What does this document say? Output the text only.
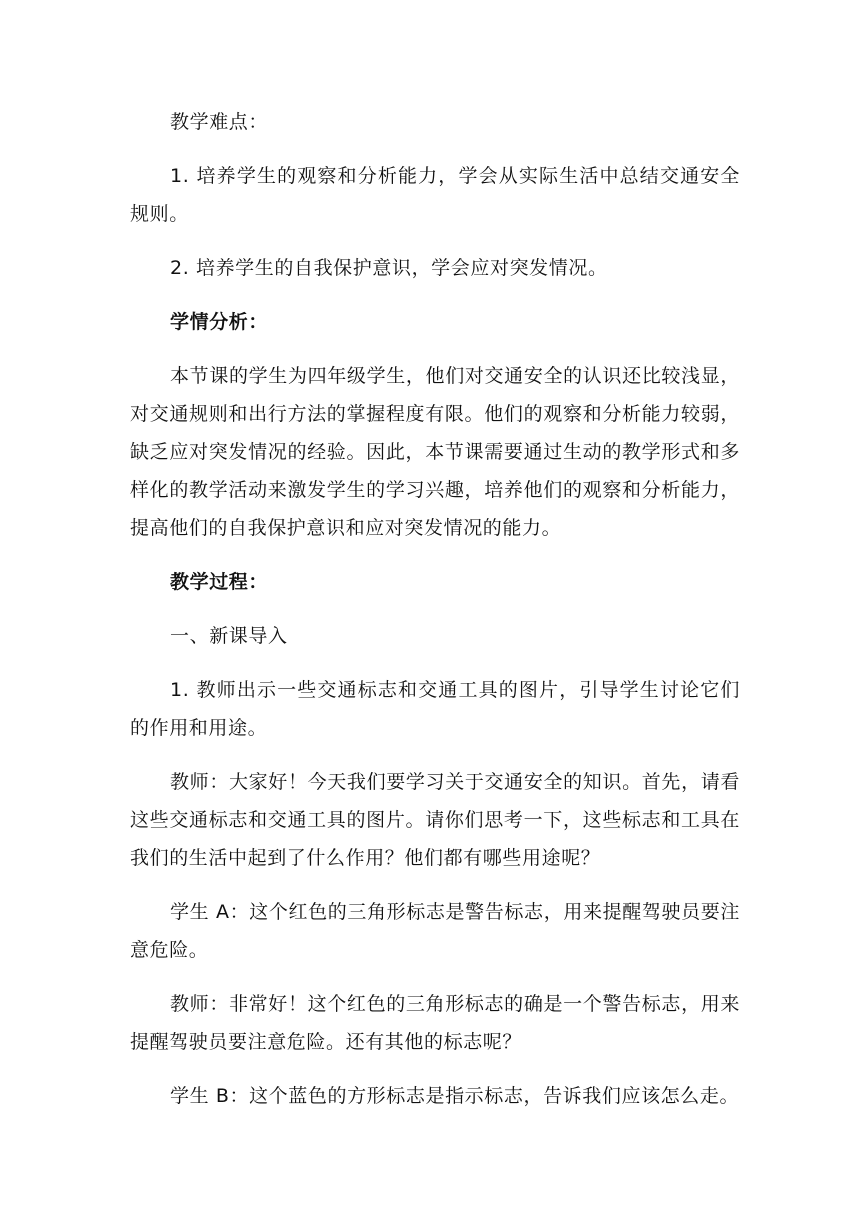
教学难点：

1. 培养学生的观察和分析能力，学会从实际生活中总结交通安全规则。

2. 培养学生的自我保护意识，学会应对突发情况。

学情分析：

本节课的学生为四年级学生，他们对交通安全的认识还比较浅显，对交通规则和出行方法的掌握程度有限。他们的观察和分析能力较弱，缺乏应对突发情况的经验。因此，本节课需要通过生动的教学形式和多样化的教学活动来激发学生的学习兴趣，培养他们的观察和分析能力，提高他们的自我保护意识和应对突发情况的能力。

教学过程：

一、新课导入

1. 教师出示一些交通标志和交通工具的图片，引导学生讨论它们的作用和用途。

教师：大家好！今天我们要学习关于交通安全的知识。首先，请看这些交通标志和交通工具的图片。请你们思考一下，这些标志和工具在我们的生活中起到了什么作用？他们都有哪些用途呢？

学生 A：这个红色的三角形标志是警告标志，用来提醒驾驶员要注意危险。

教师：非常好！这个红色的三角形标志的确是一个警告标志，用来提醒驾驶员要注意危险。还有其他的标志呢？

学生 B：这个蓝色的方形标志是指示标志，告诉我们应该怎么走。
